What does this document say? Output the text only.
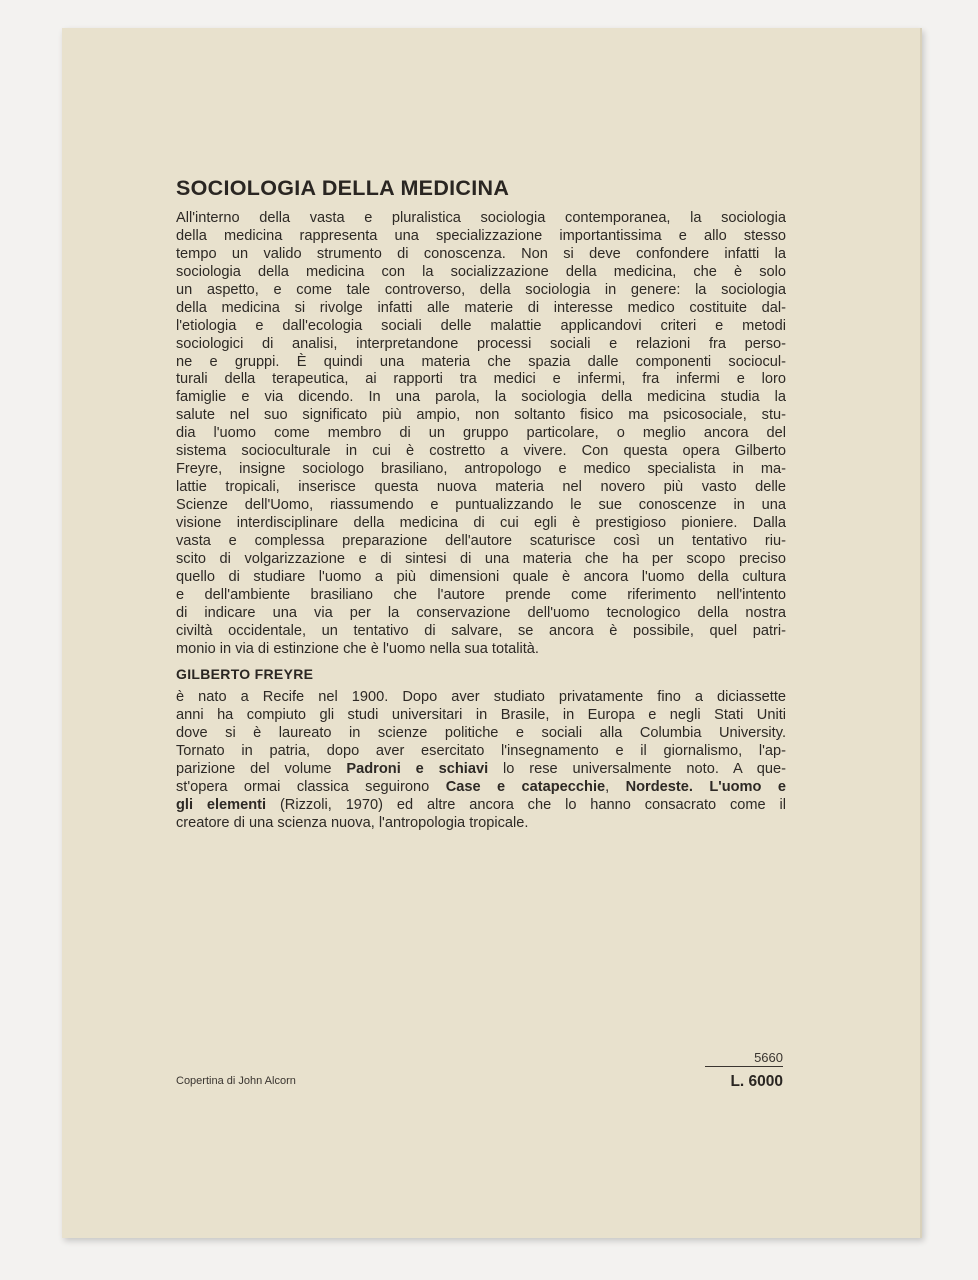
SOCIOLOGIA DELLA MEDICINA
All'interno della vasta e pluralistica sociologia contemporanea, la sociologia
della medicina rappresenta una specializzazione importantissima e allo stesso
tempo un valido strumento di conoscenza. Non si deve confondere infatti la
sociologia della medicina con la socializzazione della medicina, che è solo
un aspetto, e come tale controverso, della sociologia in genere: la sociologia
della medicina si rivolge infatti alle materie di interesse medico costituite dal-
l'etiologia e dall'ecologia sociali delle malattie applicandovi criteri e metodi
sociologici di analisi, interpretandone processi sociali e relazioni fra perso-
ne e gruppi. È quindi una materia che spazia dalle componenti sociocul-
turali della terapeutica, ai rapporti tra medici e infermi, fra infermi e loro
famiglie e via dicendo. In una parola, la sociologia della medicina studia la
salute nel suo significato più ampio, non soltanto fisico ma psicosociale, stu-
dia l'uomo come membro di un gruppo particolare, o meglio ancora del
sistema socioculturale in cui è costretto a vivere. Con questa opera Gilberto
Freyre, insigne sociologo brasiliano, antropologo e medico specialista in ma-
lattie tropicali, inserisce questa nuova materia nel novero più vasto delle
Scienze dell'Uomo, riassumendo e puntualizzando le sue conoscenze in una
visione interdisciplinare della medicina di cui egli è prestigioso pioniere. Dalla
vasta e complessa preparazione dell'autore scaturisce così un tentativo riu-
scito di volgarizzazione e di sintesi di una materia che ha per scopo preciso
quello di studiare l'uomo a più dimensioni quale è ancora l'uomo della cultura
e dell'ambiente brasiliano che l'autore prende come riferimento nell'intento
di indicare una via per la conservazione dell'uomo tecnologico della nostra
civiltà occidentale, un tentativo di salvare, se ancora è possibile, quel patri-
monio in via di estinzione che è l'uomo nella sua totalità.
GILBERTO FREYRE
è nato a Recife nel 1900. Dopo aver studiato privatamente fino a diciassette
anni ha compiuto gli studi universitari in Brasile, in Europa e negli Stati Uniti
dove si è laureato in scienze politiche e sociali alla Columbia University.
Tornato in patria, dopo aver esercitato l'insegnamento e il giornalismo, l'ap-
parizione del volume Padroni e schiavi lo rese universalmente noto. A que-
st'opera ormai classica seguirono Case e catapecchie, Nordeste. L'uomo e
gli elementi (Rizzoli, 1970) ed altre ancora che lo hanno consacrato come il
creatore di una scienza nuova, l'antropologia tropicale.
Copertina di John Alcorn
5660
L. 6000
